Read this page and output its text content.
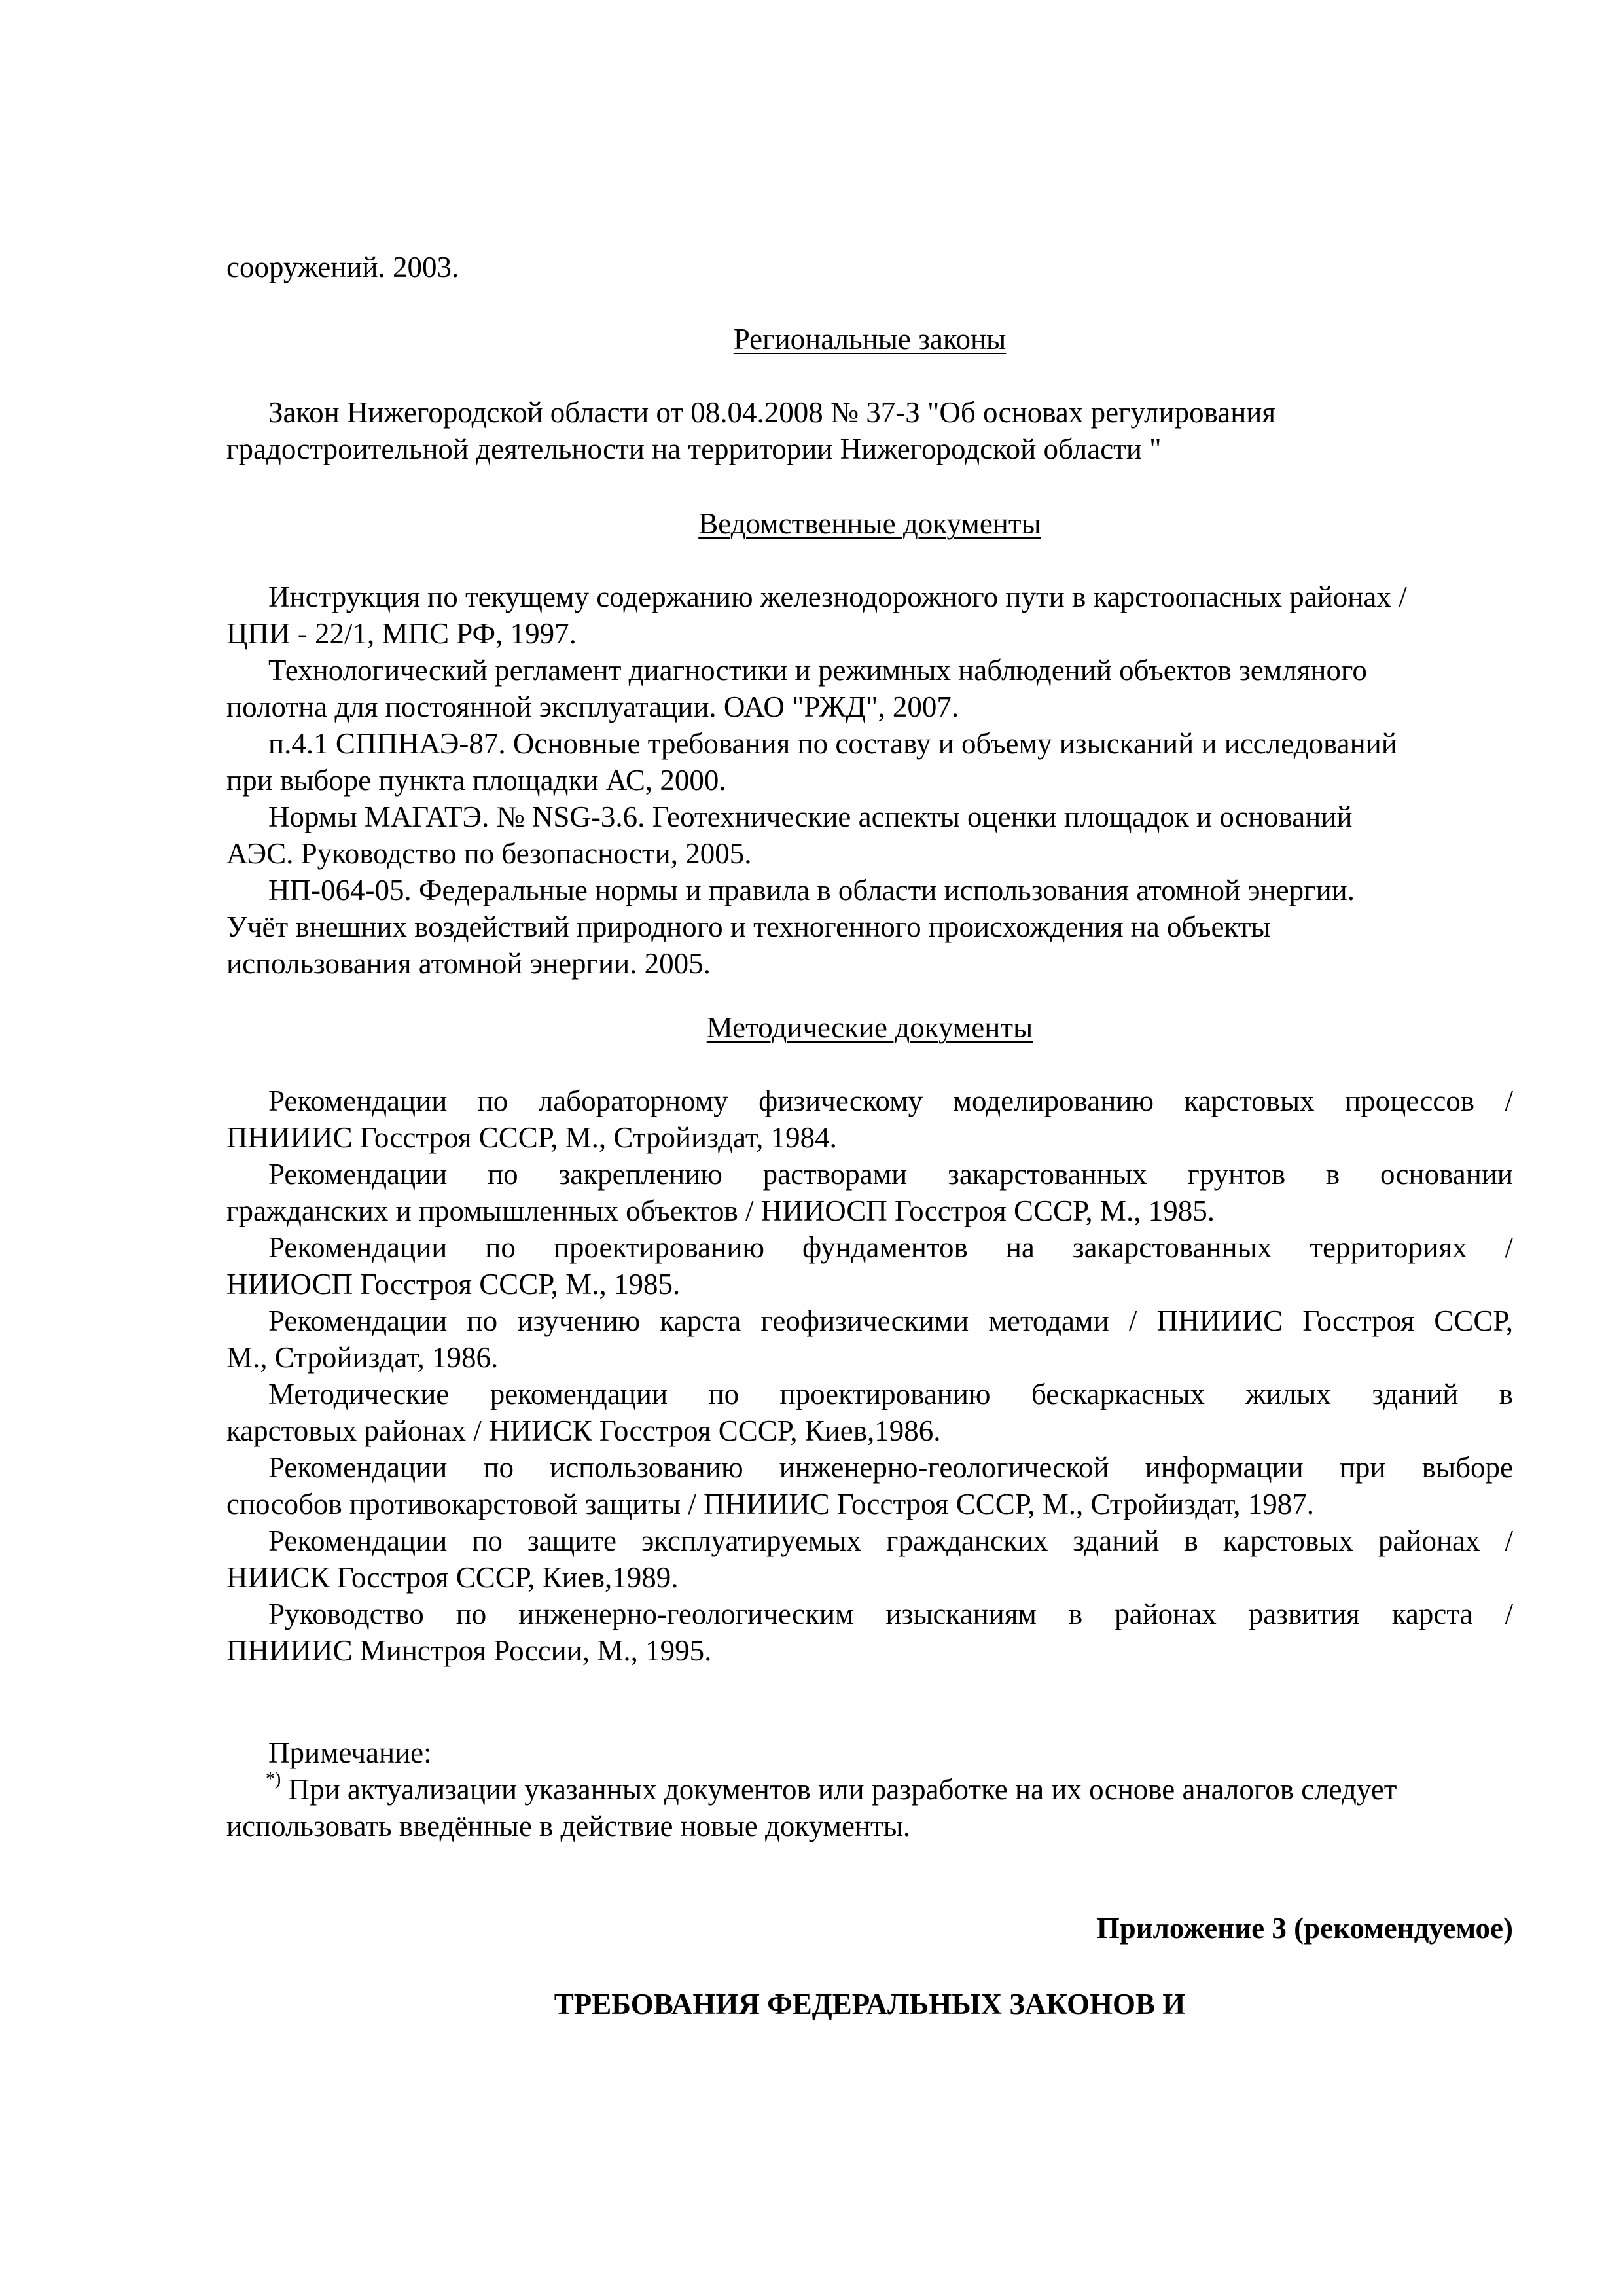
сооружений. 2003.
Региональные законы
Закон Нижегородской области от 08.04.2008 № 37-З "Об основах регулирования
градостроительной деятельности на территории Нижегородской области "
Ведомственные документы
Инструкция по текущему содержанию железнодорожного пути в карстоопасных районах /
ЦПИ - 22/1, МПС РФ, 1997.
Технологический регламент диагностики и режимных наблюдений объектов земляного
полотна для постоянной эксплуатации. ОАО "РЖД", 2007.
п.4.1 СППНАЭ-87. Основные требования по составу и объему изысканий и исследований
при выборе пункта площадки АС, 2000.
Нормы МАГАТЭ. № NSG-3.6. Геотехнические аспекты оценки площадок и оснований
АЭС. Руководство по безопасности, 2005.
НП-064-05. Федеральные нормы и правила в области использования атомной энергии.
Учёт внешних воздействий природного и техногенного происхождения на объекты
использования атомной энергии. 2005.
Методические документы
Рекомендации по лабораторному физическому моделированию карстовых процессов /
ПНИИИС Госстроя СССР, М., Стройиздат, 1984.
Рекомендации по закреплению растворами закарстованных грунтов в основании
гражданских и промышленных объектов / НИИОСП Госстроя СССР, М., 1985.
Рекомендации по проектированию фундаментов на закарстованных территориях /
НИИОСП Госстроя СССР, М., 1985.
Рекомендации по изучению карста геофизическими методами / ПНИИИС Госстроя СССР,
М., Стройиздат, 1986.
Методические рекомендации по проектированию бескаркасных жилых зданий в
карстовых районах / НИИСК Госстроя СССР, Киев,1986.
Рекомендации по использованию инженерно-геологической информации при выборе
способов противокарстовой защиты / ПНИИИС Госстроя СССР, М., Стройиздат, 1987.
Рекомендации по защите эксплуатируемых гражданских зданий в карстовых районах /
НИИСК Госстроя СССР, Киев,1989.
Руководство по инженерно-геологическим изысканиям в районах развития карста /
ПНИИИС Минстроя России, М., 1995.
Примечание:
*) При актуализации указанных документов или разработке на их основе аналогов следует
использовать введённые в действие новые документы.
Приложение 3 (рекомендуемое)
ТРЕБОВАНИЯ ФЕДЕРАЛЬНЫХ ЗАКОНОВ И
